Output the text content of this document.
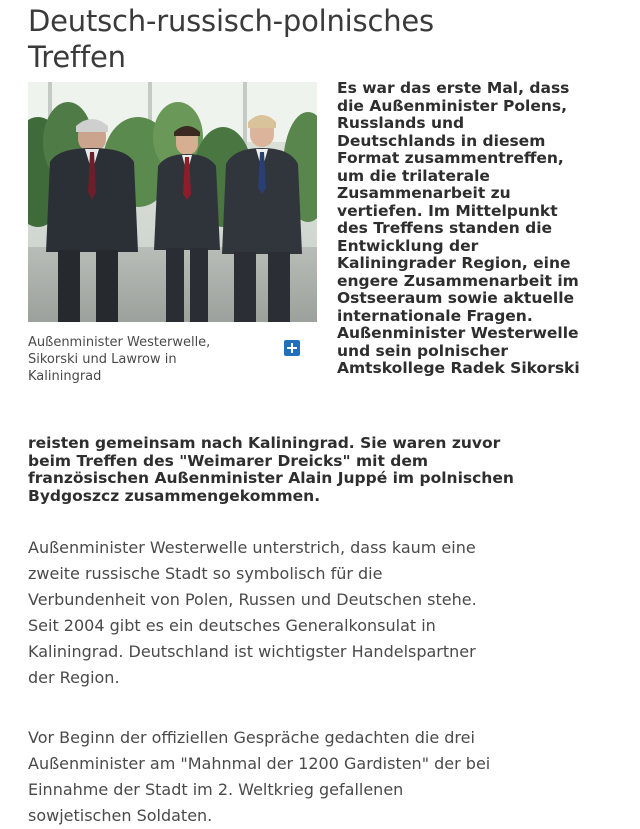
Deutsch-russisch-polnisches
Treffen
Außenminister Westerwelle,
Sikorski und Lawrow in
Kaliningrad
Es war das erste Mal, dass
die Außenminister Polens,
Russlands und
Deutschlands in diesem
Format zusammentreffen,
um die trilaterale
Zusammenarbeit zu
vertiefen. Im Mittelpunkt
des Treffens standen die
Entwicklung der
Kaliningrader Region, eine
engere Zusammenarbeit im
Ostseeraum sowie aktuelle
internationale Fragen.
Außenminister Westerwelle
und sein polnischer
Amtskollege Radek Sikorski
reisten gemeinsam nach Kaliningrad. Sie waren zuvor
beim Treffen des "Weimarer Dreicks" mit dem
französischen Außenminister Alain Juppé im polnischen
Bydgoszcz zusammengekommen.
Außenminister Westerwelle unterstrich, dass kaum eine
zweite russische Stadt so symbolisch für die
Verbundenheit von Polen, Russen und Deutschen stehe.
Seit 2004 gibt es ein deutsches Generalkonsulat in
Kaliningrad. Deutschland ist wichtigster Handelspartner
der Region.
Vor Beginn der offiziellen Gespräche gedachten die drei
Außenminister am "Mahnmal der 1200 Gardisten" der bei
Einnahme der Stadt im 2. Weltkrieg gefallenen
sowjetischen Soldaten.
